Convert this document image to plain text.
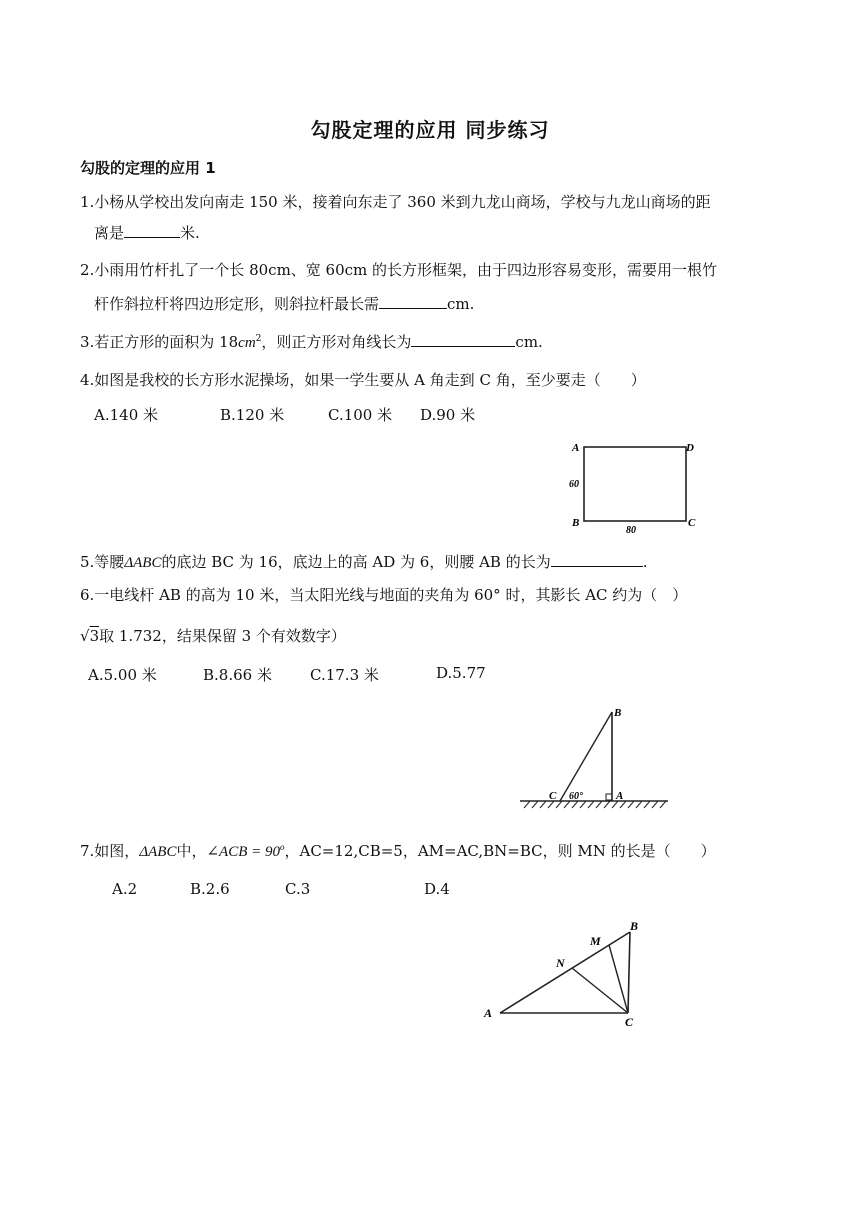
勾股定理的应用 同步练习
勾股的定理的应用 1
1.小杨从学校出发向南走 150 米，接着向东走了 360 米到九龙山商场，学校与九龙山商场的距
离是	米.
2.小雨用竹杆扎了一个长 80cm、宽 60cm 的长方形框架，由于四边形容易变形，需要用一根竹
杆作斜拉杆将四边形定形，则斜拉杆最长需	cm.
3.若正方形的面积为 $18cm^2$，则正方形对角线长为	cm.
4.如图是我校的长方形水泥操场，如果一学生要从 A 角走到 C 角，至少要走（　　）
A.140 米	B.120 米	C.100 米 D.90 米
A	D
B	C
60
80
5.等腰ΔABC的底边 BC 为 16，底边上的高 AD 为 6，则腰 AB 的长为	.
6.一电线杆 AB 的高为 10 米，当太阳光线与地面的夹角为 60° 时，其影长 AC 约为（　）
√3取 1.732，结果保留 3 个有效数字）
A.5.00 米	B.8.66 米	C.17.3 米	D.5.77
B
C	A
60°
7.如图，ΔABC中，∠ACB = $90^o$，AC=12,CB=5，AM=AC,BN=BC，则 MN 的长是（　　）
A.2	B.2.6	C.3	D.4
B
M
N
A
C
